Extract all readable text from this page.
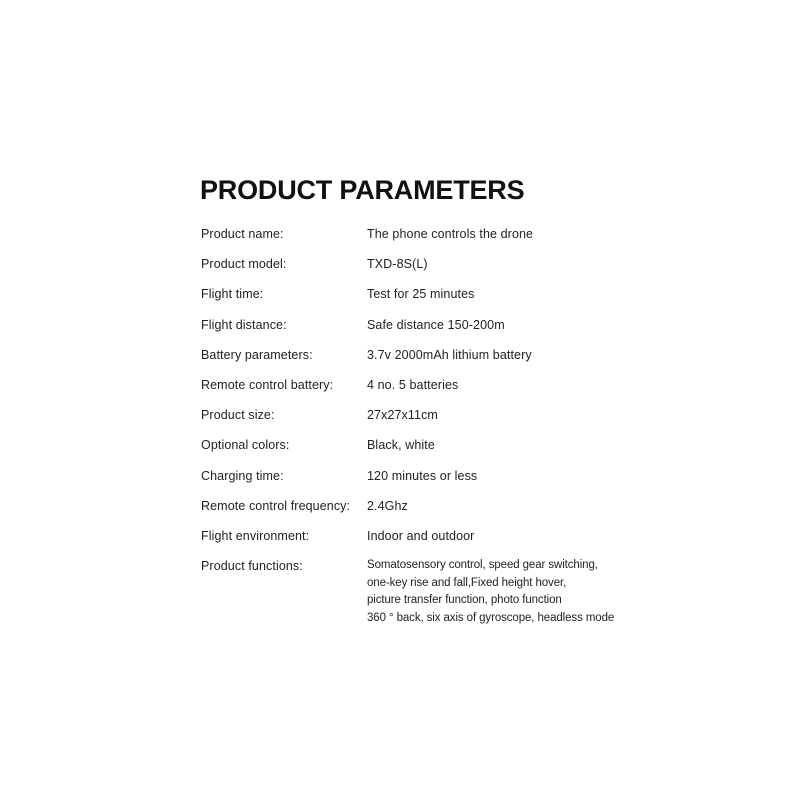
PRODUCT PARAMETERS
Product name:	The phone controls the drone
Product model:	TXD-8S(L)
Flight time:	Test for 25 minutes
Flight distance:	Safe distance 150-200m
Battery parameters:	3.7v 2000mAh lithium battery
Remote control battery:	4 no. 5 batteries
Product size:	27x27x11cm
Optional colors:	Black, white
Charging time:	120 minutes or less
Remote control frequency:	2.4Ghz
Flight environment:	Indoor and outdoor
Product functions:	Somatosensory control, speed gear switching,
one-key rise and fall,Fixed height hover,
picture transfer function, photo function
360 ° back, six axis of gyroscope, headless mode
